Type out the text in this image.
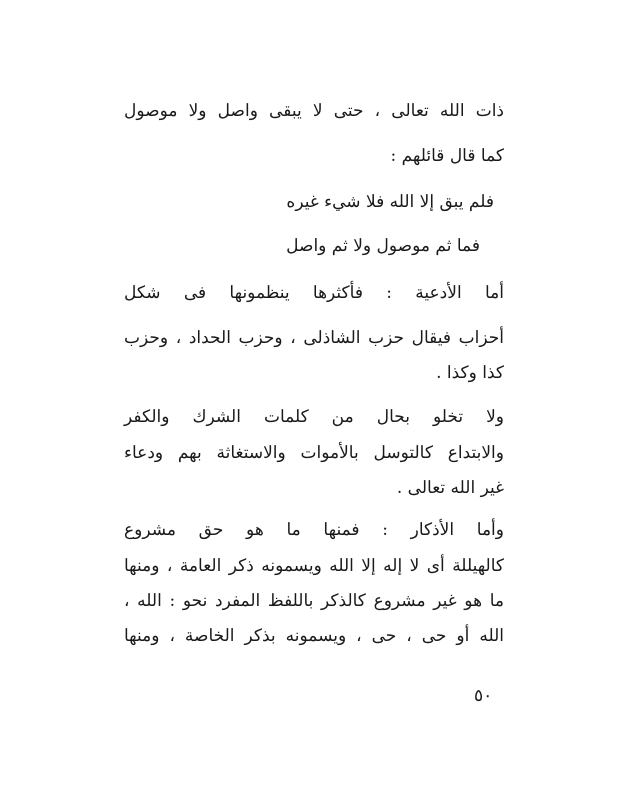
ذات الله تعالى ، حتى لا يبقى واصل ولا موصول
كما قال قائلهم :
فلم يبق إلا الله فلا شيء غيره
فما ثم موصول ولا ثم واصل
أما الأدعية : فأكثرها ينظمونها فى شكل
أحزاب فيقال حزب الشاذلى ، وحزب الحداد ، وحزب
كذا وكذا .
ولا تخلو بحال من كلمات الشرك والكفر
والابتداع كالتوسل بالأموات والاستغاثة بهم ودعاء
غير الله تعالى .
وأما الأذكار : فمنها ما هو حق مشروع
كالهيللة أى لا إله إلا الله ويسمونه ذكر العامة ، ومنها
ما هو غير مشروع كالذكر باللفظ المفرد نحو : الله ،
الله أو حى ، حى ، ويسمونه بذكر الخاصة ، ومنها
٥٠
